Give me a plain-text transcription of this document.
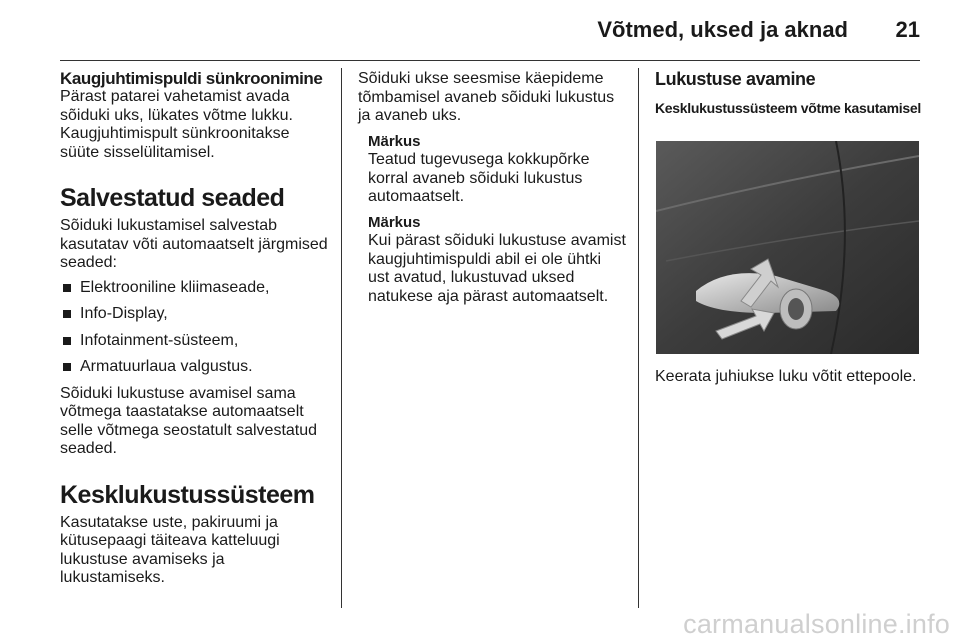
Võtmed, uksed ja aknad 21
Kaugjuhtimispuldi sünkroonimine

Pärast patarei vahetamist avada sõiduki uks, lükates võtme lukku. Kaugjuhtimispult sünkroonitakse süüte sisselülitamisel.

Salvestatud seaded

Sõiduki lukustamisel salvestab kasutatav võti automaatselt järgmised seaded:

Elektrooniline kliimaseade,
Info-Display,
Infotainment-süsteem,
Armatuurlaua valgustus.

Sõiduki lukustuse avamisel sama võtmega taastatakse automaatselt selle võtmega seostatult salvestatud seaded.

Kesklukustussüsteem

Kasutatakse uste, pakiruumi ja kütusepaagi täiteava katteluugi lukustuse avamiseks ja lukustamiseks.

Sõiduki ukse seesmise käepideme tõmbamisel avaneb sõiduki lukustus ja avaneb uks.

Märkus
Teatud tugevusega kokkupõrke korral avaneb sõiduki lukustus automaatselt.
Märkus
Kui pärast sõiduki lukustuse avamist kaugjuhtimispuldi abil ei ole ühtki ust avatud, lukustuvad uksed natukese aja pärast automaatselt.
Lukustuse avamine
Kesklukustussüsteem võtme kasutamisel

Keerata juhiukse luku võtit ettepoole.

carmanualsonline.info
